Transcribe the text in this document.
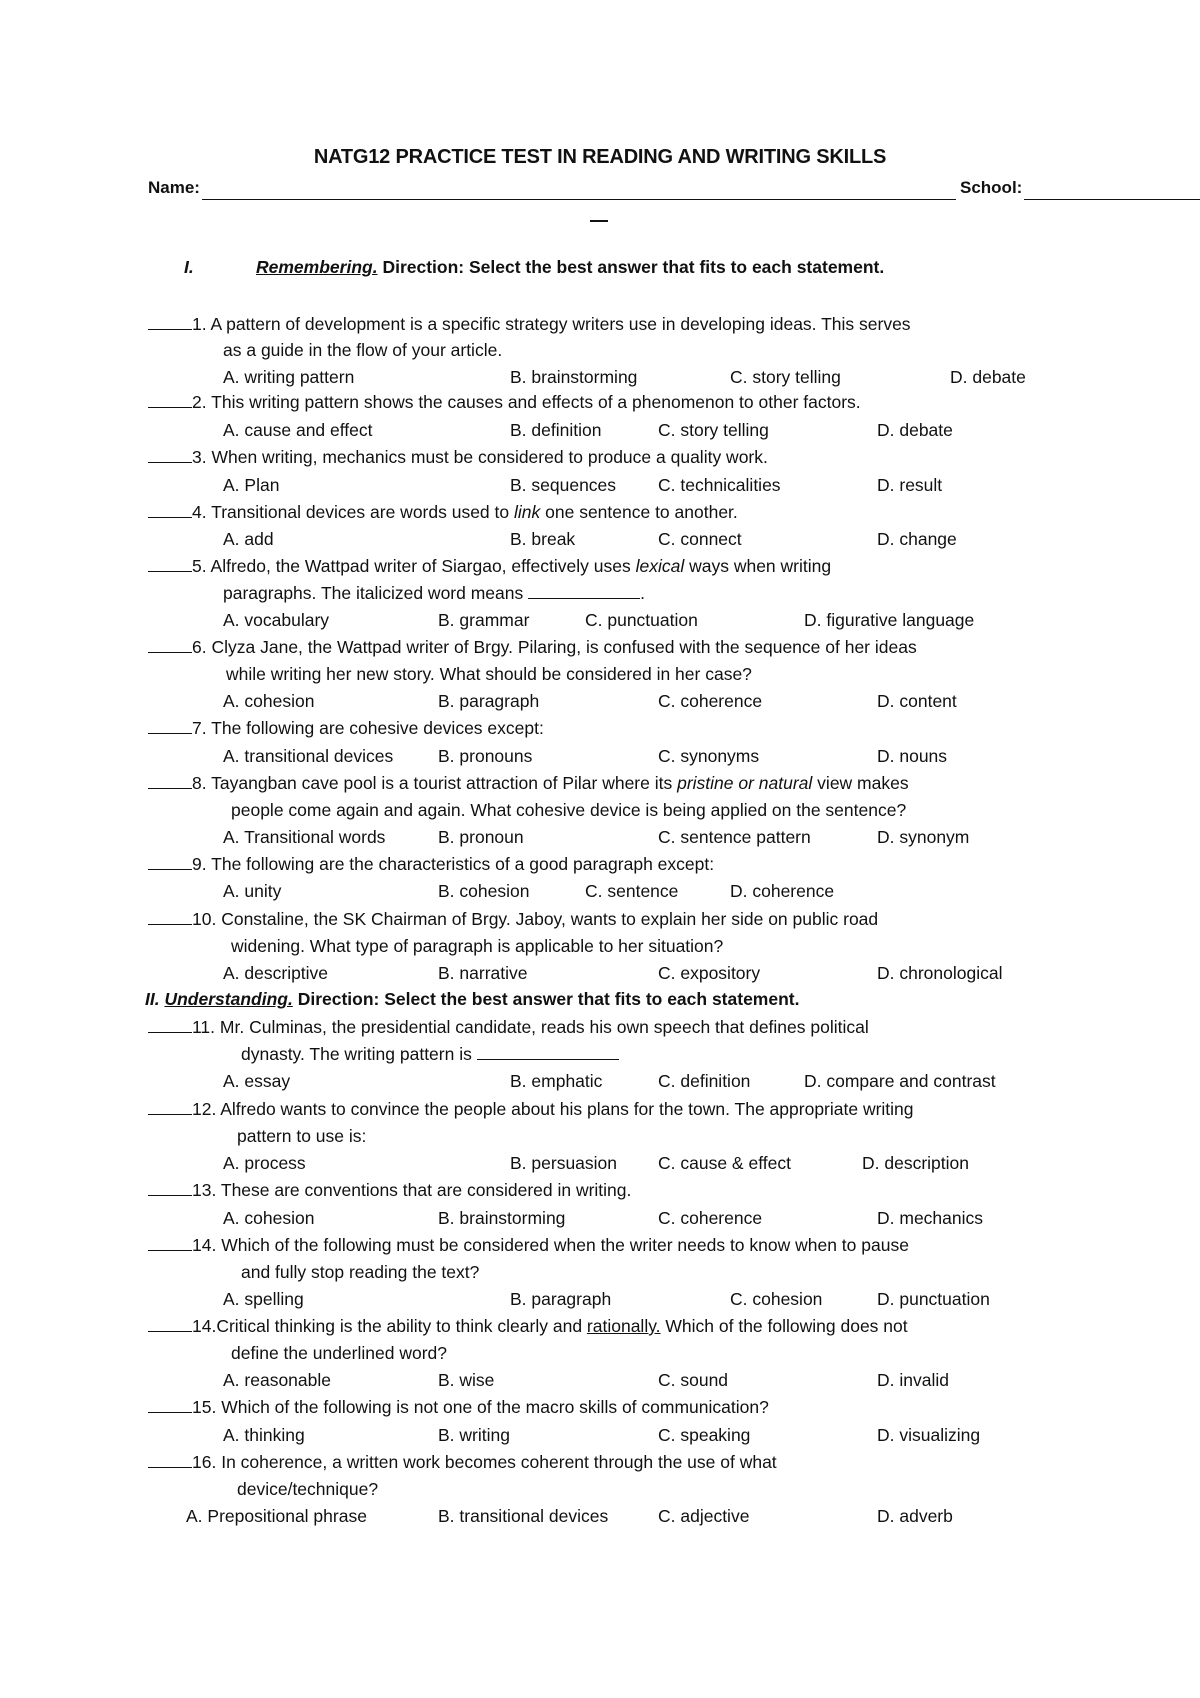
NATG12 PRACTICE TEST IN READING AND WRITING SKILLS
Name:	School:
I.	Remembering. Direction: Select the best answer that fits to each statement.
1. A pattern of development is a specific strategy writers use in developing ideas. This serves
as a guide in the flow of your article.
A. writing pattern	B. brainstorming	C. story telling	D. debate
2. This writing pattern shows the causes and effects of a phenomenon to other factors.
A. cause and effect	B. definition	C. story telling	D. debate
3. When writing, mechanics must be considered to produce a quality work.
A. Plan	B. sequences C. technicalities	D. result
4. Transitional devices are words used to link one sentence to another.
A. add	B. break	C. connect	D. change
5. Alfredo, the Wattpad writer of Siargao, effectively uses lexical ways when writing
paragraphs. The italicized word means	.
A. vocabulary	B. grammar	C. punctuation	D. figurative language
6. Clyza Jane, the Wattpad writer of Brgy. Pilaring, is confused with the sequence of her ideas
while writing her new story. What should be considered in her case?
A. cohesion	B. paragraph	C. coherence	D. content
7. The following are cohesive devices except:
A. transitional devices	B. pronouns	C. synonyms	D. nouns
8. Tayangban cave pool is a tourist attraction of Pilar where its pristine or natural view makes
people come again and again. What cohesive device is being applied on the sentence?
A. Transitional words	B. pronoun	C. sentence pattern	D. synonym
9. The following are the characteristics of a good paragraph except:
A. unity	B. cohesion	C. sentence	D. coherence
10. Constaline, the SK Chairman of Brgy. Jaboy, wants to explain her side on public road
widening. What type of paragraph is applicable to her situation?
A. descriptive	B. narrative	C. expository	D. chronological
II. Understanding. Direction: Select the best answer that fits to each statement.
11. Mr. Culminas, the presidential candidate, reads his own speech that defines political
dynasty. The writing pattern is
A. essay	B. emphatic	C. definition	D. compare and contrast
12. Alfredo wants to convince the people about his plans for the town. The appropriate writing
pattern to use is:
A. process	B. persuasion C. cause & effect	D. description
13. These are conventions that are considered in writing.
A. cohesion	B. brainstorming	C. coherence	D. mechanics
14. Which of the following must be considered when the writer needs to know when to pause
and fully stop reading the text?
A. spelling	B. paragraph	C. cohesion	D. punctuation
14.Critical thinking is the ability to think clearly and rationally. Which of the following does not
define the underlined word?
A. reasonable	B. wise	C. sound	D. invalid
15. Which of the following is not one of the macro skills of communication?
A. thinking	B. writing	C. speaking	D. visualizing
16. In coherence, a written work becomes coherent through the use of what
device/technique?
A. Prepositional phrase	B. transitional devices	C. adjective	D. adverb
